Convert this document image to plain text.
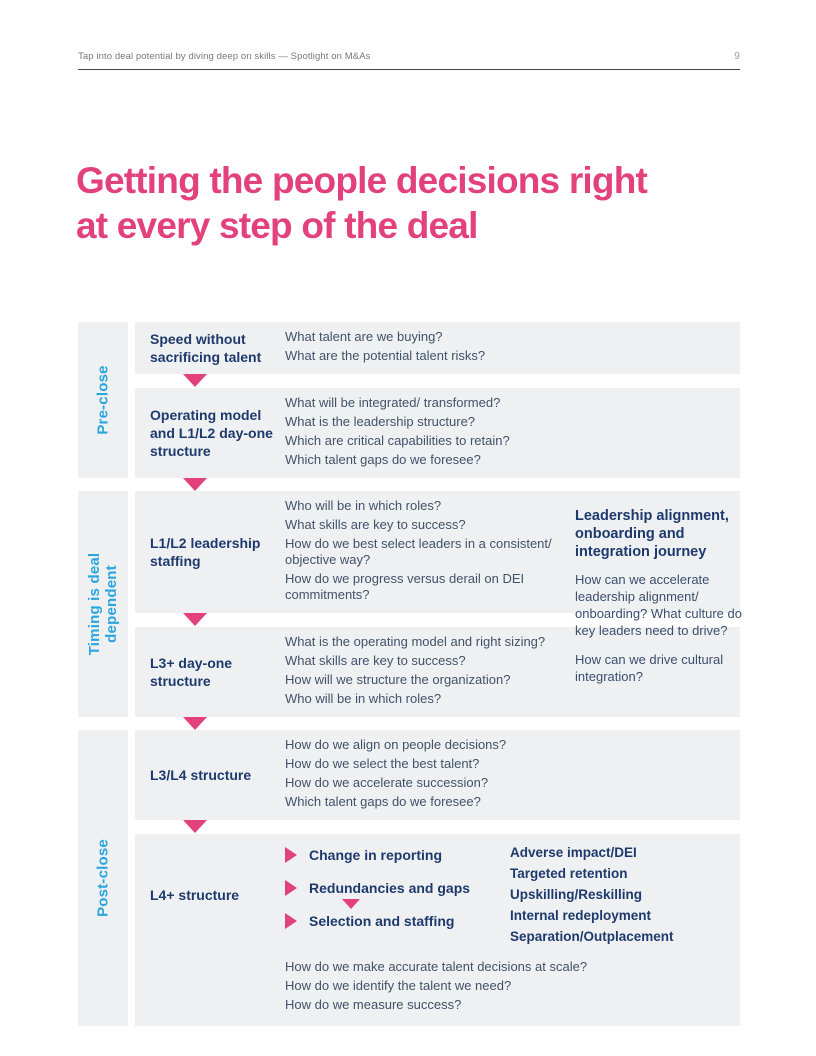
Tap into deal potential by diving deep on skills — Spotlight on M&As	9
Getting the people decisions right
at every step of the deal
Pre-close
Speed without sacrificing talent

What talent are we buying?

What are the potential talent risks?

Operating model and L1/L2 day-one structure

What will be integrated/ transformed?

What is the leadership structure?

Which are critical capabilities to retain?

Which talent gaps do we foresee?

Timing is deal dependent
L1/L2 leadership staffing

Who will be in which roles?

What skills are key to success?

How do we best select leaders in a consistent/ objective way?

How do we progress versus derail on DEI commitments?

L3+ day-one structure

What is the operating model and right sizing?

What skills are key to success?

How will we structure the organization?

Who will be in which roles?

Leadership alignment, onboarding and integration journey

How can we accelerate leadership alignment/ onboarding? What culture do key leaders need to drive?

How can we drive cultural integration?

Post-close
L3/L4 structure

How do we align on people decisions?

How do we select the best talent?

How do we accelerate succession?

Which talent gaps do we foresee?

L4+ structure
Change in reporting
Redundancies and gaps
Selection and staffing
Adverse impact/DEI
Targeted retention
Upskilling/Reskilling
Internal redeployment
Separation/Outplacement

How do we make accurate talent decisions at scale?

How do we identify the talent we need?

How do we measure success?
